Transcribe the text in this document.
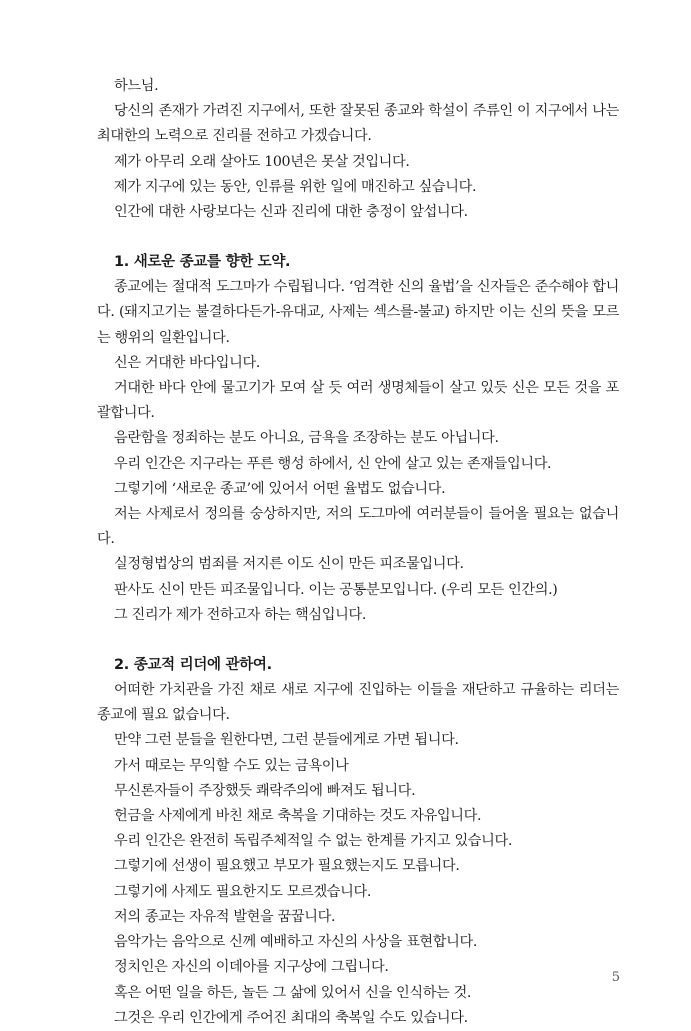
하느님.

당신의 존재가 가려진 지구에서, 또한 잘못된 종교와 학설이 주류인 이 지구에서 나는 최대한의 노력으로 진리를 전하고 가겠습니다.

제가 아무리 오래 살아도 100년은 못살 것입니다.

제가 지구에 있는 동안, 인류를 위한 일에 매진하고 싶습니다.

인간에 대한 사랑보다는 신과 진리에 대한 충정이 앞섭니다.

1. 새로운 종교를 향한 도약.

종교에는 절대적 도그마가 수립됩니다. ‘엄격한 신의 율법’을 신자들은 준수해야 합니다. (돼지고기는 불결하다든가-유대교, 사제는 섹스를-불교) 하지만 이는 신의 뜻을 모르는 행위의 일환입니다.

신은 거대한 바다입니다.

거대한 바다 안에 물고기가 모여 살 듯 여러 생명체들이 살고 있듯 신은 모든 것을 포괄합니다.

음란함을 정죄하는 분도 아니요, 금욕을 조장하는 분도 아닙니다.

우리 인간은 지구라는 푸른 행성 하에서, 신 안에 살고 있는 존재들입니다.

그렇기에 ‘새로운 종교’에 있어서 어떤 율법도 없습니다.

저는 사제로서 정의를 숭상하지만, 저의 도그마에 여러분들이 들어올 필요는 없습니다.

실정형법상의 범죄를 저지른 이도 신이 만든 피조물입니다.

판사도 신이 만든 피조물입니다. 이는 공통분모입니다. (우리 모든 인간의.)

그 진리가 제가 전하고자 하는 핵심입니다.

2. 종교적 리더에 관하여.

어떠한 가치관을 가진 채로 새로 지구에 진입하는 이들을 재단하고 규율하는 리더는 종교에 필요 없습니다.

만약 그런 분들을 원한다면, 그런 분들에게로 가면 됩니다.

가서 때로는 무익할 수도 있는 금욕이나

무신론자들이 주장했듯 쾌락주의에 빠져도 됩니다.

헌금을 사제에게 바친 채로 축복을 기대하는 것도 자유입니다.

우리 인간은 완전히 독립주체적일 수 없는 한계를 가지고 있습니다.

그렇기에 선생이 필요했고 부모가 필요했는지도 모릅니다.

그렇기에 사제도 필요한지도 모르겠습니다.

저의 종교는 자유적 발현을 꿈꿉니다.

음악가는 음악으로 신께 예배하고 자신의 사상을 표현합니다.

정치인은 자신의 이데아를 지구상에 그립니다.

혹은 어떤 일을 하든, 놀든 그 삶에 있어서 신을 인식하는 것.

그것은 우리 인간에게 주어진 최대의 축복일 수도 있습니다.

5
